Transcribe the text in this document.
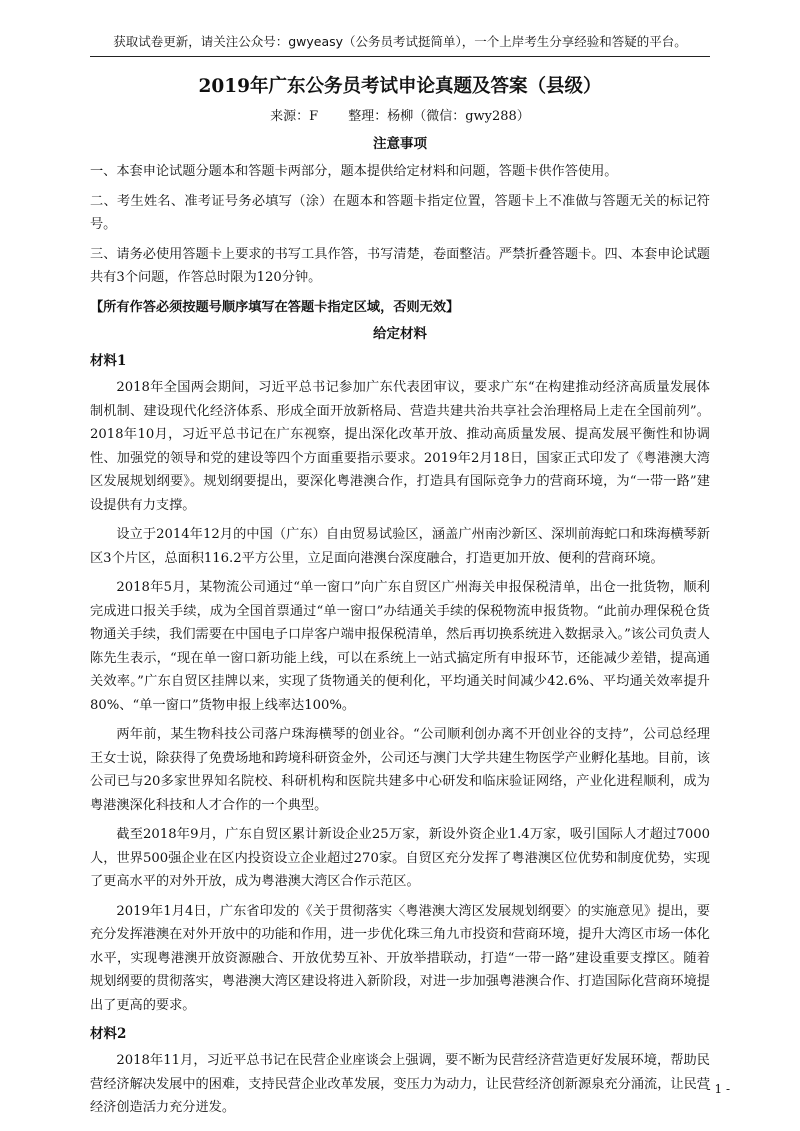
获取试卷更新，请关注公众号：gwyeasy（公务员考试挺简单），一个上岸考生分享经验和答疑的平台。
2019年广东公务员考试申论真题及答案（县级）
来源：F 整理：杨柳（微信：gwy288）
注意事项

一、本套申论试题分题本和答题卡两部分，题本提供给定材料和问题，答题卡供作答使用。

二、考生姓名、准考证号务必填写（涂）在题本和答题卡指定位置，答题卡上不准做与答题无关的标记符号。

三、请务必使用答题卡上要求的书写工具作答，书写清楚，卷面整洁。严禁折叠答题卡。四、本套申论试题共有3个问题，作答总时限为120分钟。

【所有作答必须按题号顺序填写在答题卡指定区域，否则无效】

给定材料
材料1

2018年全国两会期间，习近平总书记参加广东代表团审议，要求广东“在构建推动经济高质量发展体制机制、建设现代化经济体系、形成全面开放新格局、营造共建共治共享社会治理格局上走在全国前列”。2018年10月，习近平总书记在广东视察，提出深化改革开放、推动高质量发展、提高发展平衡性和协调性、加强党的领导和党的建设等四个方面重要指示要求。2019年2月18日，国家正式印发了《粤港澳大湾区发展规划纲要》。规划纲要提出，要深化粤港澳合作，打造具有国际竞争力的营商环境，为“一带一路”建设提供有力支撑。

设立于2014年12月的中国（广东）自由贸易试验区，涵盖广州南沙新区、深圳前海蛇口和珠海横琴新区3个片区，总面积116.2平方公里，立足面向港澳台深度融合，打造更加开放、便利的营商环境。

2018年5月，某物流公司通过“单一窗口”向广东自贸区广州海关申报保税清单，出仓一批货物，顺利完成进口报关手续，成为全国首票通过“单一窗口”办结通关手续的保税物流申报货物。“此前办理保税仓货物通关手续，我们需要在中国电子口岸客户端申报保税清单，然后再切换系统进入数据录入。”该公司负责人陈先生表示，“现在单一窗口新功能上线，可以在系统上一站式搞定所有申报环节，还能减少差错，提高通关效率。”广东自贸区挂牌以来，实现了货物通关的便利化，平均通关时间减少42.6%、平均通关效率提升80%、“单一窗口”货物申报上线率达100%。

两年前，某生物科技公司落户珠海横琴的创业谷。“公司顺利创办离不开创业谷的支持”，公司总经理王女士说，除获得了免费场地和跨境科研资金外，公司还与澳门大学共建生物医学产业孵化基地。目前，该公司已与20多家世界知名院校、科研机构和医院共建多中心研发和临床验证网络，产业化进程顺利，成为粤港澳深化科技和人才合作的一个典型。

截至2018年9月，广东自贸区累计新设企业25万家，新设外资企业1.4万家，吸引国际人才超过7000人，世界500强企业在区内投资设立企业超过270家。自贸区充分发挥了粤港澳区位优势和制度优势，实现了更高水平的对外开放，成为粤港澳大湾区合作示范区。

2019年1月4日，广东省印发的《关于贯彻落实〈粤港澳大湾区发展规划纲要〉的实施意见》提出，要充分发挥港澳在对外开放中的功能和作用，进一步优化珠三角九市投资和营商环境，提升大湾区市场一体化水平，实现粤港澳开放资源融合、开放优势互补、开放举措联动，打造“一带一路”建设重要支撑区。随着规划纲要的贯彻落实，粤港澳大湾区建设将进入新阶段，对进一步加强粤港澳合作、打造国际化营商环境提出了更高的要求。

材料2

2018年11月，习近平总书记在民营企业座谈会上强调，要不断为民营经济营造更好发展环境，帮助民营经济解决发展中的困难，支持民营企业改革发展，变压力为动力，让民营经济创新源泉充分涌流，让民营经济创造活力充分迸发。

- 1 -
